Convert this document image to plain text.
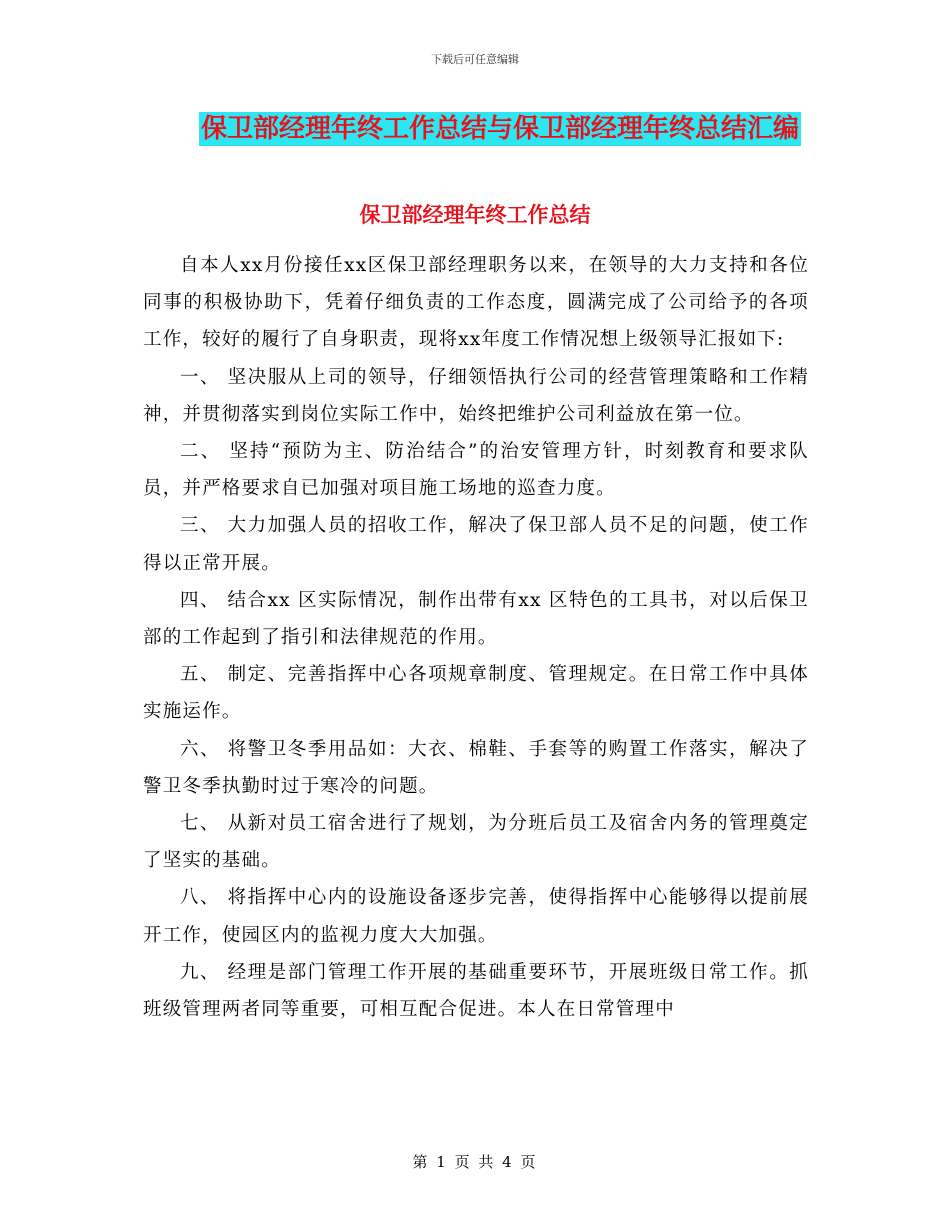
下载后可任意编辑
保卫部经理年终工作总结与保卫部经理年终总结汇编
保卫部经理年终工作总结

自本人xx月份接任xx区保卫部经理职务以来，在领导的大力支持和各位同事的积极协助下，凭着仔细负责的工作态度，圆满完成了公司给予的各项工作，较好的履行了自身职责，现将xx年度工作情况想上级领导汇报如下:

一、 坚决服从上司的领导，仔细领悟执行公司的经营管理策略和工作精神，并贯彻落实到岗位实际工作中，始终把维护公司利益放在第一位。

二、 坚持“预防为主、防治结合”的治安管理方针，时刻教育和要求队员，并严格要求自已加强对项目施工场地的巡查力度。

三、 大力加强人员的招收工作，解决了保卫部人员不足的问题，使工作得以正常开展。

四、 结合xx 区实际情况，制作出带有xx 区特色的工具书，对以后保卫部的工作起到了指引和法律规范的作用。

五、 制定、完善指挥中心各项规章制度、管理规定。在日常工作中具体实施运作。

六、 将警卫冬季用品如：大衣、棉鞋、手套等的购置工作落实，解决了警卫冬季执勤时过于寒冷的问题。

七、 从新对员工宿舍进行了规划，为分班后员工及宿舍内务的管理奠定了坚实的基础。

八、 将指挥中心内的设施设备逐步完善，使得指挥中心能够得以提前展开工作，使园区内的监视力度大大加强。

九、 经理是部门管理工作开展的基础重要环节，开展班级日常工作。抓班级管理两者同等重要，可相互配合促进。本人在日常管理中

第 1 页 共 4 页
